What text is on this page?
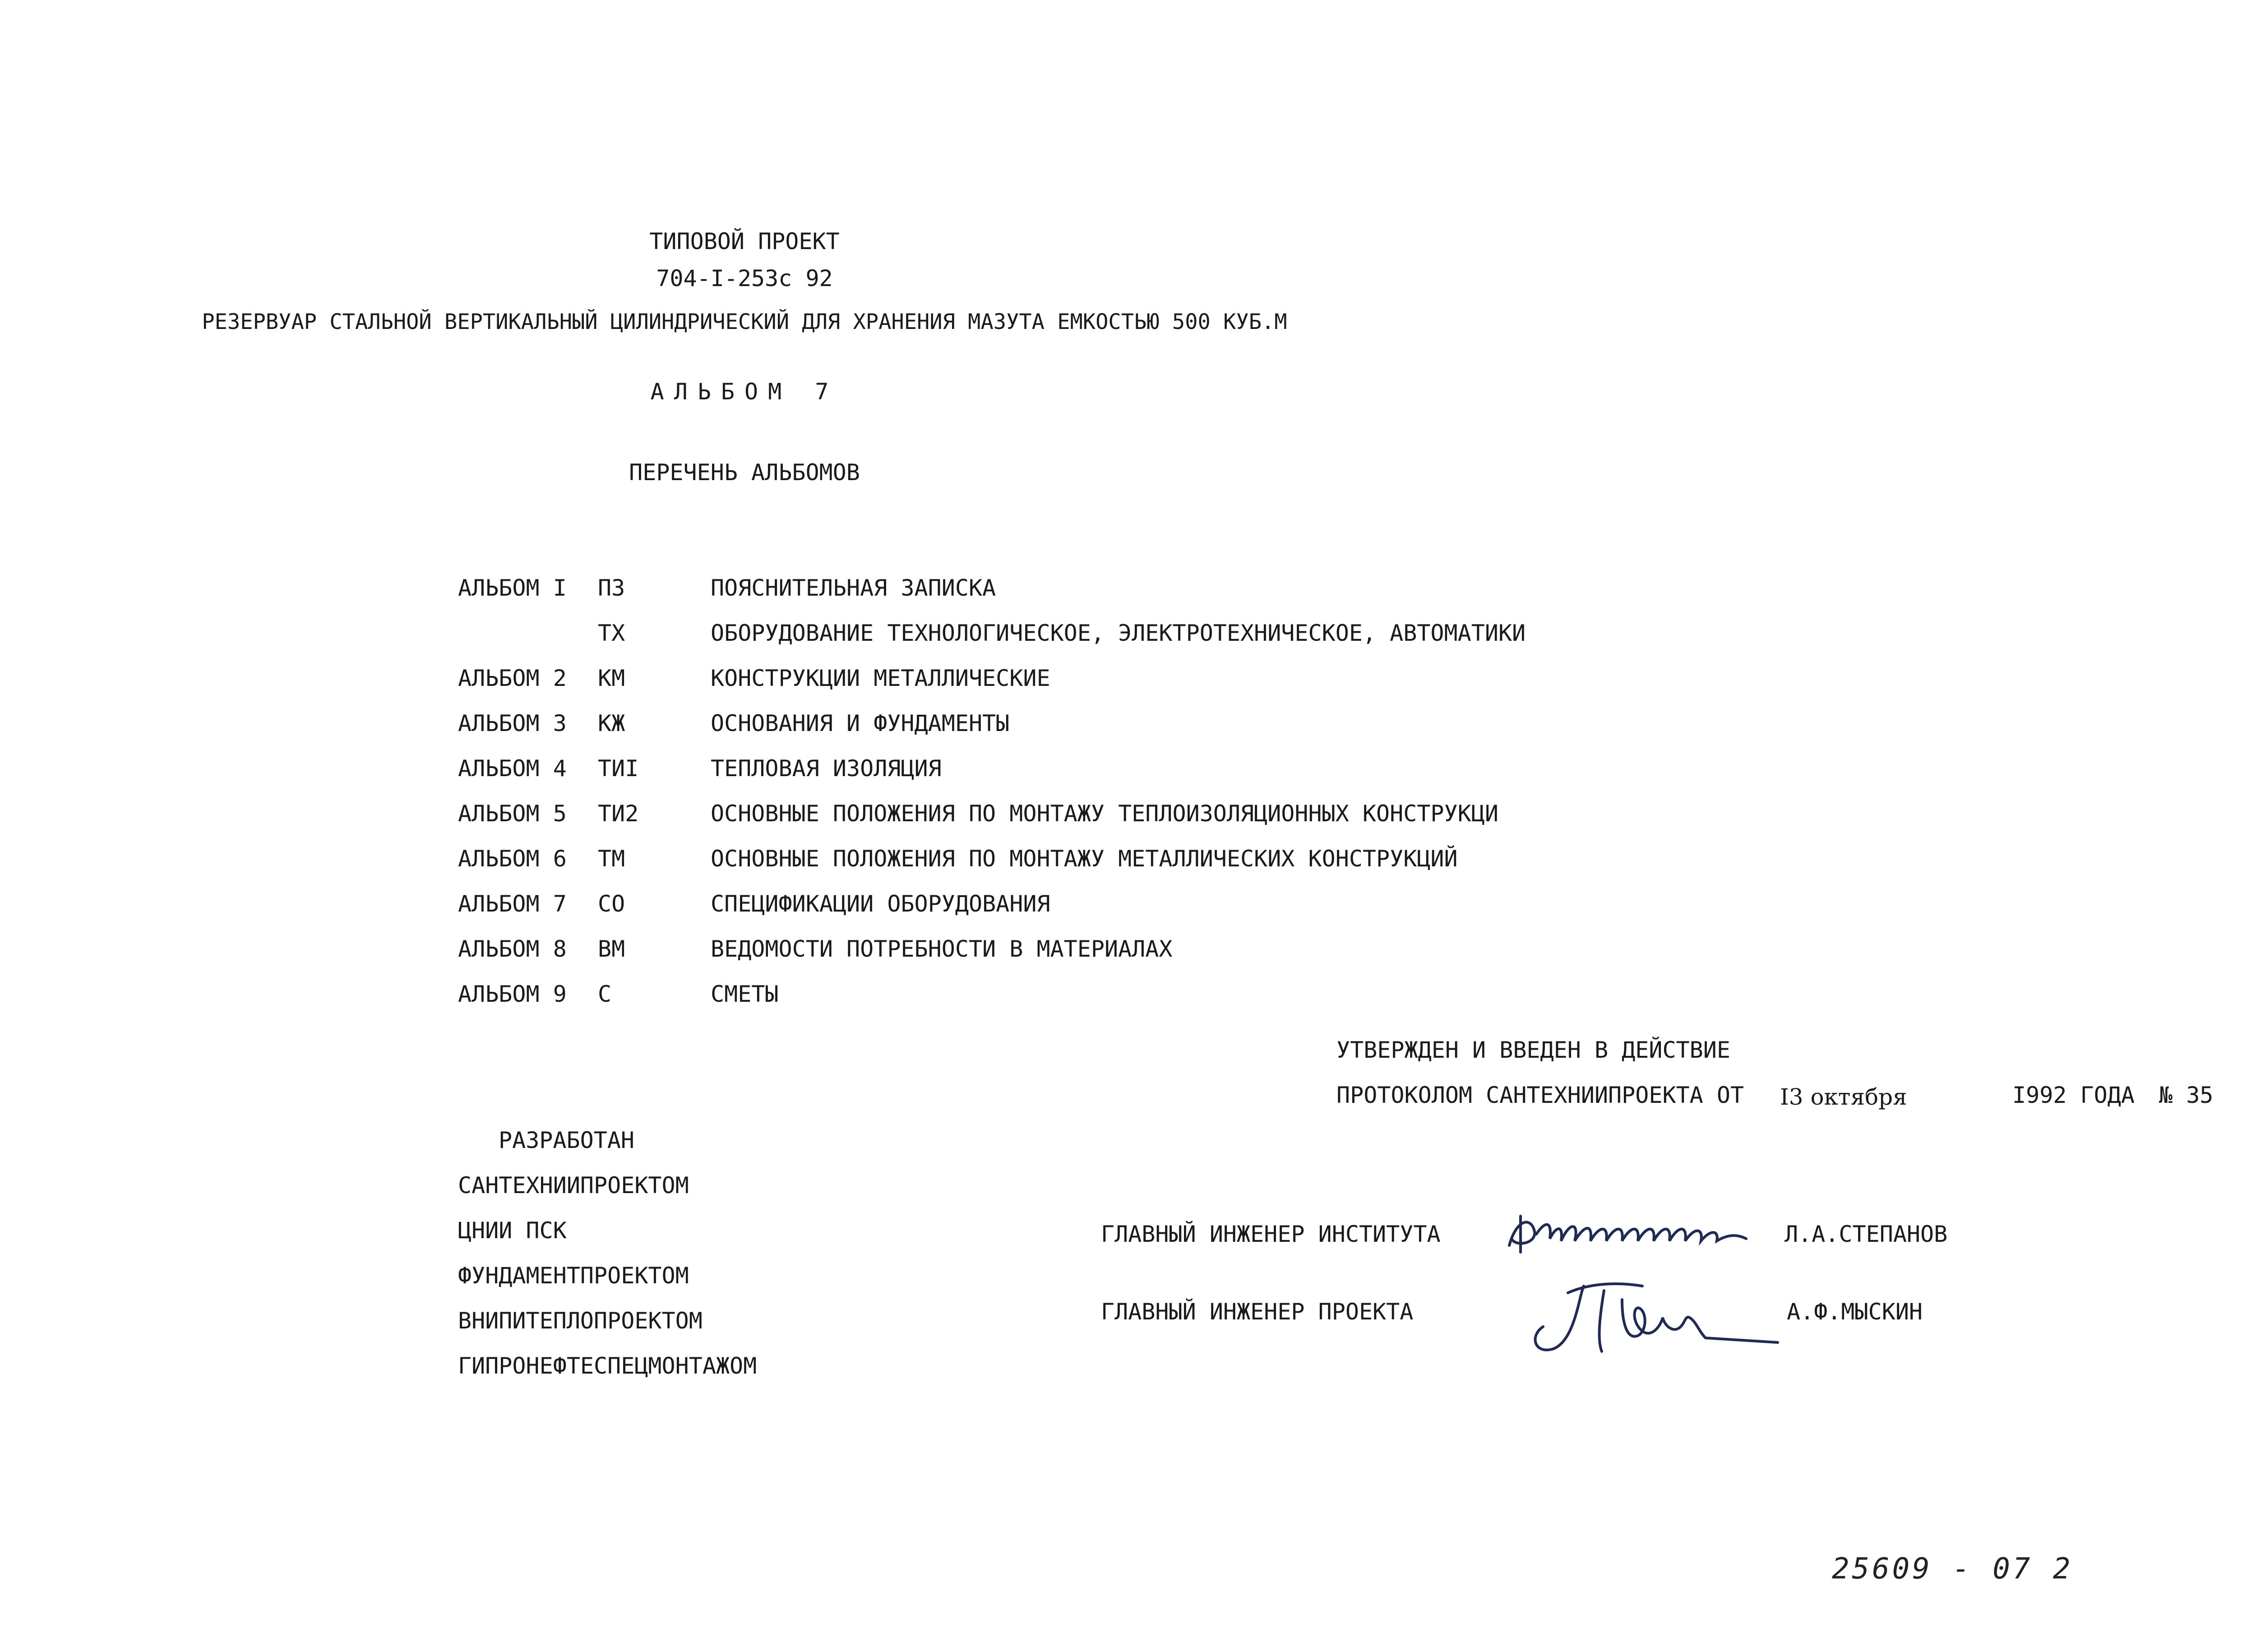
ТИПОВОЙ ПРОЕКТ
704-I-253с 92
РЕЗЕРВУАР СТАЛЬНОЙ ВЕРТИКАЛЬНЫЙ ЦИЛИНДРИЧЕСКИЙ ДЛЯ ХРАНЕНИЯ МАЗУТА ЕМКОСТЬЮ 500 КУБ.М
АЛЬБОМ 7
ПЕРЕЧЕНЬ АЛЬБОМОВ
АЛЬБОМ I ПЗ	ПОЯСНИТЕЛЬНАЯ ЗАПИСКА
ТХ	ОБОРУДОВАНИЕ ТЕХНОЛОГИЧЕСКОЕ, ЭЛЕКТРОТЕХНИЧЕСКОЕ, АВТОМАТИКИ
АЛЬБОМ 2 КМ	КОНСТРУКЦИИ МЕТАЛЛИЧЕСКИЕ
АЛЬБОМ 3 КЖ	ОСНОВАНИЯ И ФУНДАМЕНТЫ
АЛЬБОМ 4 ТИI	ТЕПЛОВАЯ ИЗОЛЯЦИЯ
АЛЬБОМ 5 ТИ2	ОСНОВНЫЕ ПОЛОЖЕНИЯ ПО МОНТАЖУ ТЕПЛОИЗОЛЯЦИОННЫХ КОНСТРУКЦИ
АЛЬБОМ 6 ТМ	ОСНОВНЫЕ ПОЛОЖЕНИЯ ПО МОНТАЖУ МЕТАЛЛИЧЕСКИХ КОНСТРУКЦИЙ
АЛЬБОМ 7 СО	СПЕЦИФИКАЦИИ ОБОРУДОВАНИЯ
АЛЬБОМ 8 ВМ	ВЕДОМОСТИ ПОТРЕБНОСТИ В МАТЕРИАЛАХ
АЛЬБОМ 9 С	СМЕТЫ
УТВЕРЖДЕН И ВВЕДЕН В ДЕЙСТВИЕ
ПРОТОКОЛОМ САНТЕХНИИПРОЕКТА ОТ I3 октября	I992 ГОДА № 35
РАЗРАБОТАН
САНТЕХНИИПРОЕКТОМ
ЦНИИ ПСК
ФУНДАМЕНТПРОЕКТОМ
ВНИПИТЕПЛОПРОЕКТОМ
ГИПРОНЕФТЕСПЕЦМОНТАЖОМ
ГЛАВНЫЙ ИНЖЕНЕР ИНСТИТУТА	Л.А.СТЕПАНОВ
ГЛАВНЫЙ ИНЖЕНЕР ПРОЕКТА	А.Ф.МЫСКИН
25609 - 07 2
